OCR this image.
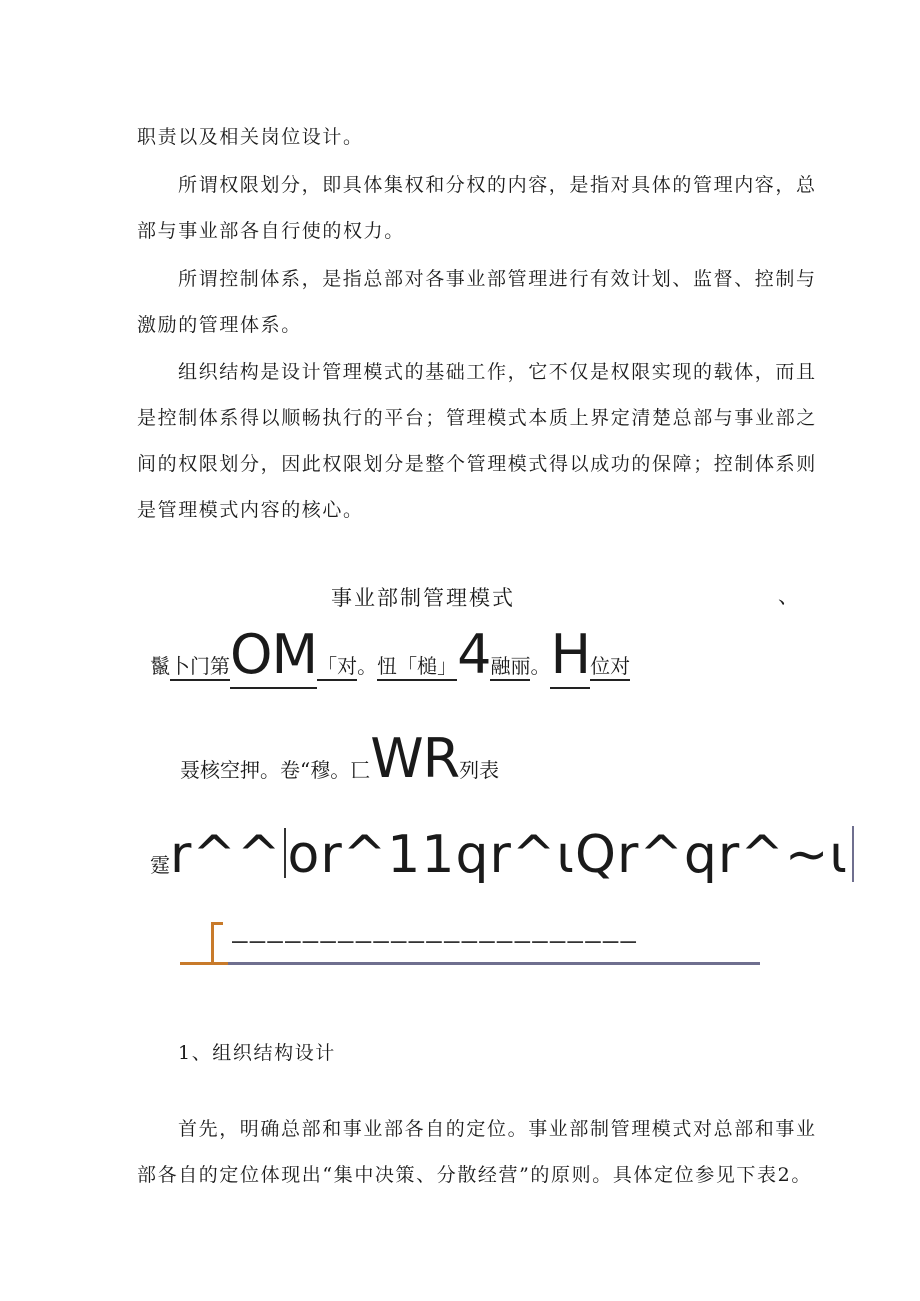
职责以及相关岗位设计。
所谓权限划分，即具体集权和分权的内容，是指对具体的管理内容，总
部与事业部各自行使的权力。
所谓控制体系，是指总部对各事业部管理进行有效计划、监督、控制与
激励的管理体系。
组织结构是设计管理模式的基础工作，它不仅是权限实现的载体，而且
是控制体系得以顺畅执行的平台；管理模式本质上界定清楚总部与事业部之
间的权限划分，因此权限划分是整个管理模式得以成功的保障；控制体系则
是管理模式内容的核心。
事业部制管理模式	、
鬣卜门第OM「对。忸「槌」4融丽。H位对
聂核空押。卷“穆。匸WR列表
霆r^^ or^11qr^ιQr^qr^~ι
———————————————————————
1、组织结构设计
首先，明确总部和事业部各自的定位。事业部制管理模式对总部和事业
部各自的定位体现出“集中决策、分散经营”的原则。具体定位参见下表2。
